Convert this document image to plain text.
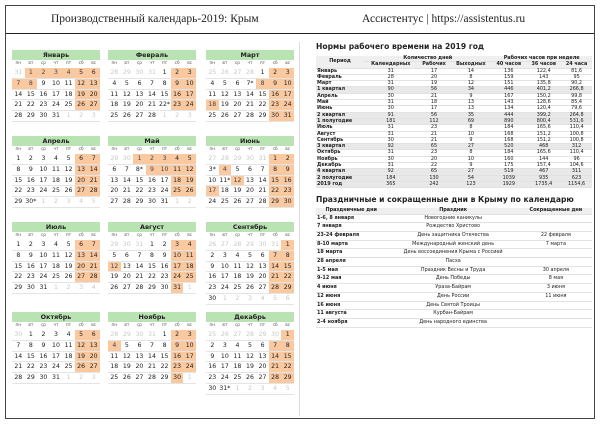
Производственный календарь-2019: Крым	Ассистентус | https://assistentus.ru
Январь
пн	вт	ср	чт	пт	сб	вс
31	1	2	3	4	5	6
7	8	9	10 11 12 13
14 15 16 17 18 19 20
21 22 23 24 25 26 27
28 29 30 31	1	2	3
Февраль
пн	вт	ср	чт	пт	сб	вс
28 29 30 31	1	2	3
4	5	6	7	8	9	10
11 12 13 14 15 16 17
18 19 20 21 22* 23 24
25 26 27 28	1	2	3
Март
пн	вт	ср	чт	пт	сб	вс
25 26 27 28	1	2	3
4	5	6	7*	8	9	10
11 12 13 14 15 16 17
18 19 20 21 22 23 24
25 26 27 28 29 30 31
Апрель
пн	вт	ср	чт	пт	сб	вс
1	2	3	4	5	6	7
8	9	10 11 12 13 14
15 16 17 18 19 20 21
22 23 24 25 26 27 28
29 30* 1	2	3	4	5
Май
пн	вт	ср	чт	пт	сб	вс
29 30	1	2	3	4	5
6	7	8*	9	10 11 12
13 14 15 16 17 18 19
20 21 22 23 24 25 26
27 28 29 30 31	1	2
Июнь
пн	вт	ср	чт	пт	сб	вс
27 28 29 30 31	1	2
3*	4	5	6	7	8	9
10 11* 12 13 14 15 16
17 18 19 20 21 22 23
24 25 26 27 28 29 30
Июль
пн	вт	ср	чт	пт	сб	вс
1	2	3	4	5	6	7
8	9	10 11 12 13 14
15 16 17 18 19 20 21
22 23 24 25 26 27 28
29 30 31	1	2	3	4
Август
пн	вт	ср	чт	пт	сб	вс
29 30 31	1	2	3	4
5	6	7	8	9	10 11
12 13 14 15 16 17 18
19 20 21 22 23 24 25
26 27 28 29 30 31	1
Сентябрь
пн	вт	ср	чт	пт	сб	вс
26 27 28 29 30 31	1
2	3	4	5	6	7	8
9	10 11 12 13 14 15
16 17 18 19 20 21 22
23 24 25 26 27 28 29
30	1	2	3	4	5	6
Октябрь
пн	вт	ср	чт	пт	сб	вс
30	1	2	3	4	5	6
7	8	9	10 11 12 13
14 15 16 17 18 19 20
21 22 23 24 25 26 27
28 29 30 31	1	2	3
Ноябрь
пн	вт	ср	чт	пт	сб	вс
28 29 30 31	1	2	3
4	5	6	7	8	9	10
11 12 13 14 15 16 17
18 19 20 21 22 23 24
25 26 27 28 29 30	1
Декабрь
пн	вт	ср	чт	пт	сб	вс
25 26 27 28 29 30	1
2	3	4	5	6	7	8
9	10 11 12 13 14 15
16 17 18 19 20 21 22
23 24 25 26 27 28 29
30 31* 1	2	3	4	5
Нормы рабочего времени на 2019 год
Период	Количество дней			Рабочих часов при неделе		
	Календарных	Рабочих	Выходных	40 часов	36 часов	24 часа
Январь	31	17	14	136	122,4	81,6
Февраль	28	20	8	159	143	95
Март	31	19	12	151	135,8	90,2
1 квартал	90	56	34	446	401,2	266,8
Апрель	30	21	9	167	150,2	99,8
Май	31	18	13	143	128,6	85,4
Июнь	30	17	13	134	120,4	79,6
2 квартал	91	56	35	444	399,2	264,8
1 полугодие	181	112	69	890	800,4	531,6
Июль	31	23	8	184	165,6	110,4
Август	31	21	10	168	151,2	100,8
Сентябрь	30	21	9	168	151,2	100,8
3 квартал	92	65	27	520	468	312
Октябрь	31	23	8	184	165,6	110,4
Ноябрь	30	20	10	160	144	96
Декабрь	31	22	9	175	157,4	104,6
4 квартал	92	65	27	519	467	311
2 полугодие	184	130	54	1039	935	623
2019 год	365	242	123	1929	1735,4	1154,6
Праздничные и сокращенные дни в Крыму по календарю
Праздничные дни	Праздник	Сокращенные дни
1-6, 8 января	Новогодние каникулы	
7 января	Рождество Христово	
23-24 февраля	День защитника Отечества	22 февраля
8-10 марта	Международный женский день	7 марта
18 марта	День воссоединения Крыма с Россией	
28 апреля	Пасха	
1-5 мая	Праздник Весны и Труда	30 апреля
9-12 мая	День Победы	8 мая
4 июня	Ураза-Байрам	3 июня
12 июня	День России	11 июня
16 июня	День Святой Троицы	
11 августа	Курбан-Байрам	
2-4 ноября	День народного единства	
